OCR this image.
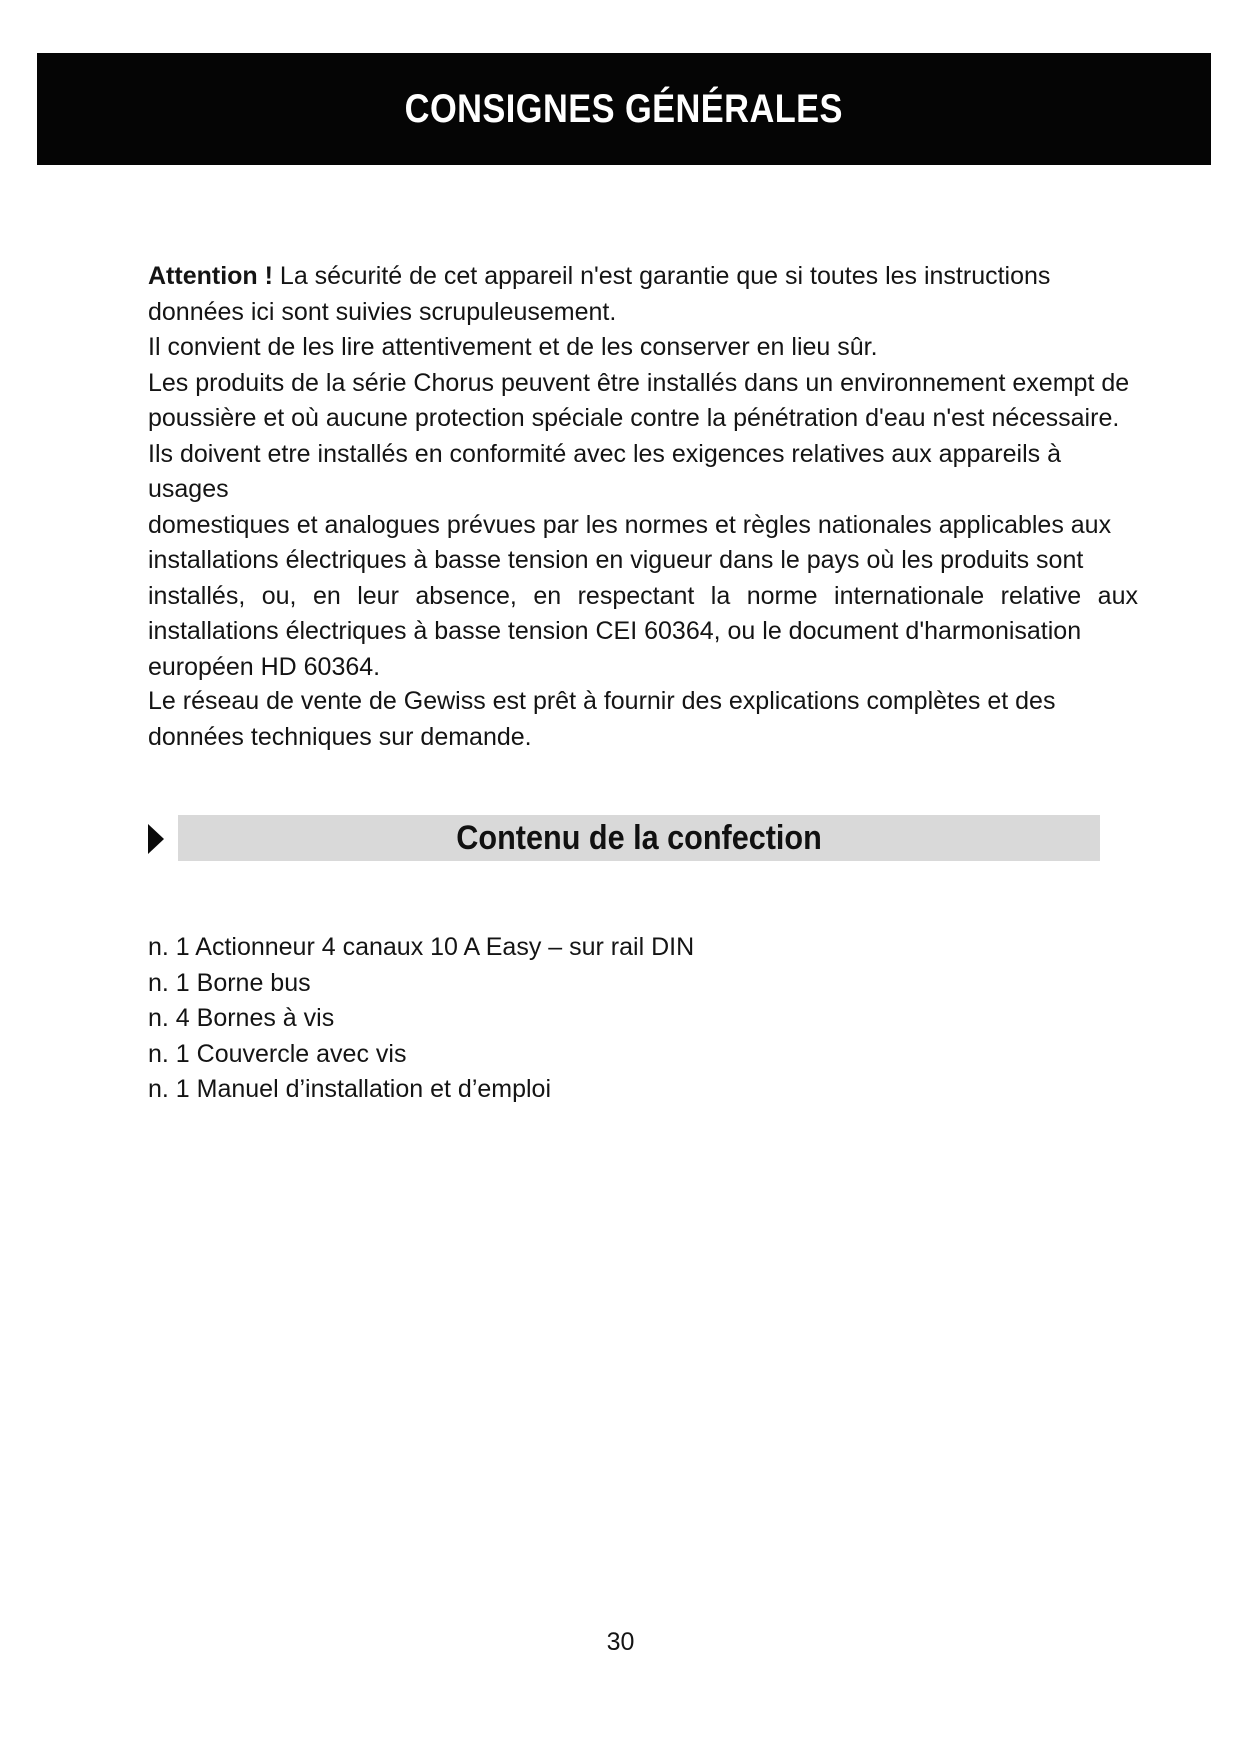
CONSIGNES GÉNÉRALES
Attention ! La sécurité de cet appareil n'est garantie que si toutes les instructions
données ici sont suivies scrupuleusement.
Il convient de les lire attentivement et de les conserver en lieu sûr.
Les produits de la série Chorus peuvent être installés dans un environnement exempt de
poussière et où aucune protection spéciale contre la pénétration d'eau n'est nécessaire.
Ils doivent etre installés en conformité avec les exigences relatives aux appareils à usages
domestiques et analogues prévues par les normes et règles nationales applicables aux
installations électriques à basse tension en vigueur dans le pays où les produits sont
installés, ou, en leur absence, en respectant la norme internationale relative aux
installations électriques à basse tension CEI 60364, ou le document d'harmonisation
européen HD 60364.
Le réseau de vente de Gewiss est prêt à fournir des explications complètes et des
données techniques sur demande.
Contenu de la confection
n. 1 Actionneur 4 canaux 10 A Easy – sur rail DIN
n. 1 Borne bus
n. 4 Bornes à vis
n. 1 Couvercle avec vis
n. 1 Manuel d’installation et d’emploi
30
